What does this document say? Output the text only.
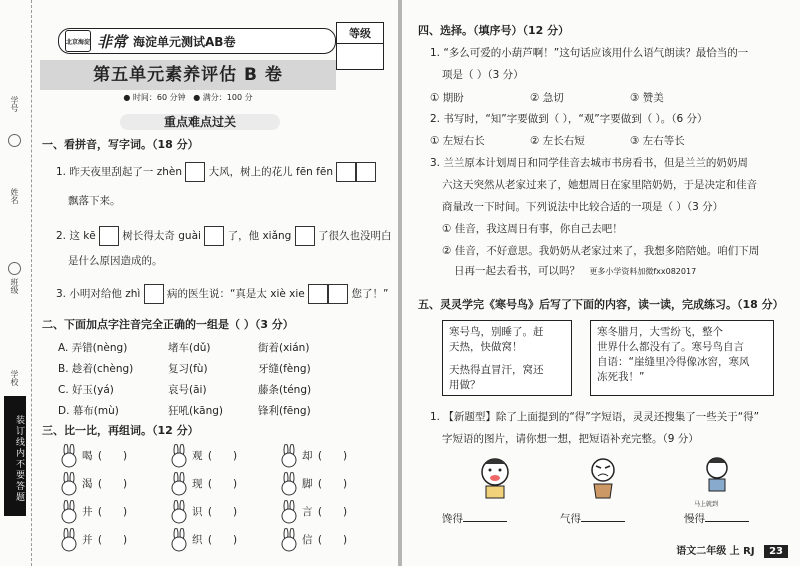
学号
姓名
班级
学校
装订线内不要答题
北京海淀 非常 海淀单元测试AB卷
等级
第五单元素养评估 B 卷
● 时间：60 分钟 ● 满分：100 分
重点难点过关
一、看拼音，写字词。（18 分）
1. 昨天夜里刮起了一 zhèn	大风，树上的花儿 fēn fēn
飘落下来。
2. 这 kē	树长得太奇 guài	了，他 xiǎng	了很久也没明白
是什么原因造成的。
3. 小明对给他 zhì	病的医生说：“真是太 xiè xie	您了！”
二、下面加点字注音完全正确的一组是（ ）（3 分）
A. 弄错(nèng)	堵车(dǔ)	街着(xián)
B. 趁着(chèng)	复习(fù)	牙缝(fèng)
C. 好玉(yá)	哀号(āi)	藤条(téng)
D. 幕布(mù)	狂吼(kāng)	锋利(fēng)
三、比一比，再组词。（12 分）
喝 (　　)	观 (　　)	却 (　　)
渴 (　　)	现 (　　)	脚 (　　)
井 (　　)	识 (　　)	言 (　　)
并 (　　)	织 (　　)	信 (　　)
四、选择。（填序号）（12 分）
1. “多么可爱的小葫芦啊！”这句话应该用什么语气朗读？最恰当的一
项是（ ）（3 分）
① 期盼	② 急切	③ 赞美
2. 书写时，“知”字要做到（ ），“观”字要做到（ ）。（6 分）
① 左短右长	② 左长右短	③ 左右等长
3. 兰兰原本计划周日和同学佳音去城市书房看书，但是兰兰的奶奶周
六这天突然从老家过来了，她想周日在家里陪奶奶，于是决定和佳音
商量改一下时间。下列说法中比较合适的一项是（ ）（3 分）
① 佳音，我这周日有事，你自己去吧！
② 佳音，不好意思。我奶奶从老家过来了，我想多陪陪她。咱们下周
日再一起去看书，可以吗？ 更多小学资料加微fxx082017
五、灵灵学完《寒号鸟》后写了下面的内容，读一读，完成练习。（18 分）
寒号鸟，别睡了。赶
天热，快做窝！
天热得直冒汗，窝还
用做？
寒冬腊月，大雪纷飞，整个
世界什么都没有了。寒号鸟自言
自语：“崖缝里冷得像冰窖，寒风
冻死我！”
1. 【新题型】除了上面提到的“得”字短语，灵灵还搜集了一些关于“得”
字短语的图片，请你想一想，把短语补充完整。（9 分）
马上就到
馋得	气得	慢得
语文二年级 上 RJ 23
